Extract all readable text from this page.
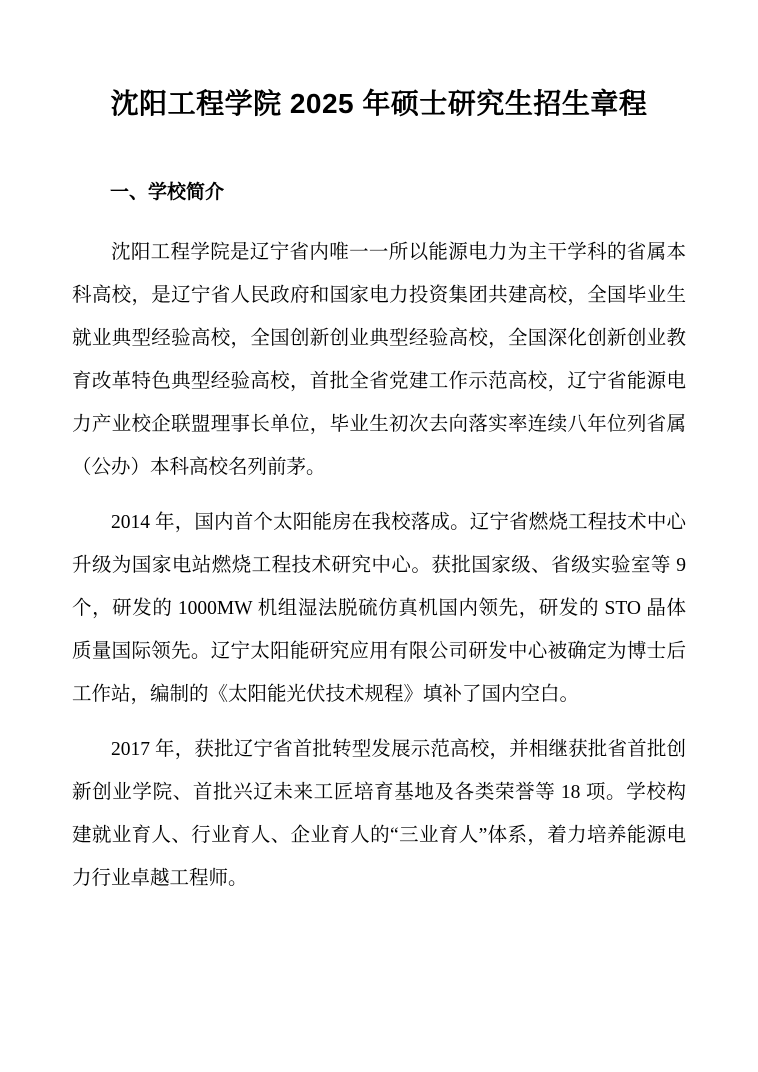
沈阳工程学院 2025 年硕士研究生招生章程
一、学校简介

沈阳工程学院是辽宁省内唯一一所以能源电力为主干学科的省属本科高校，是辽宁省人民政府和国家电力投资集团共建高校，全国毕业生就业典型经验高校，全国创新创业典型经验高校，全国深化创新创业教育改革特色典型经验高校，首批全省党建工作示范高校，辽宁省能源电力产业校企联盟理事长单位，毕业生初次去向落实率连续八年位列省属（公办）本科高校名列前茅。

2014 年，国内首个太阳能房在我校落成。辽宁省燃烧工程技术中心升级为国家电站燃烧工程技术研究中心。获批国家级、省级实验室等 9 个，研发的 1000MW 机组湿法脱硫仿真机国内领先，研发的 STO 晶体质量国际领先。辽宁太阳能研究应用有限公司研发中心被确定为博士后工作站，编制的《太阳能光伏技术规程》填补了国内空白。

2017 年，获批辽宁省首批转型发展示范高校，并相继获批省首批创新创业学院、首批兴辽未来工匠培育基地及各类荣誉等 18 项。学校构建就业育人、行业育人、企业育人的“三业育人”体系，着力培养能源电力行业卓越工程师。
